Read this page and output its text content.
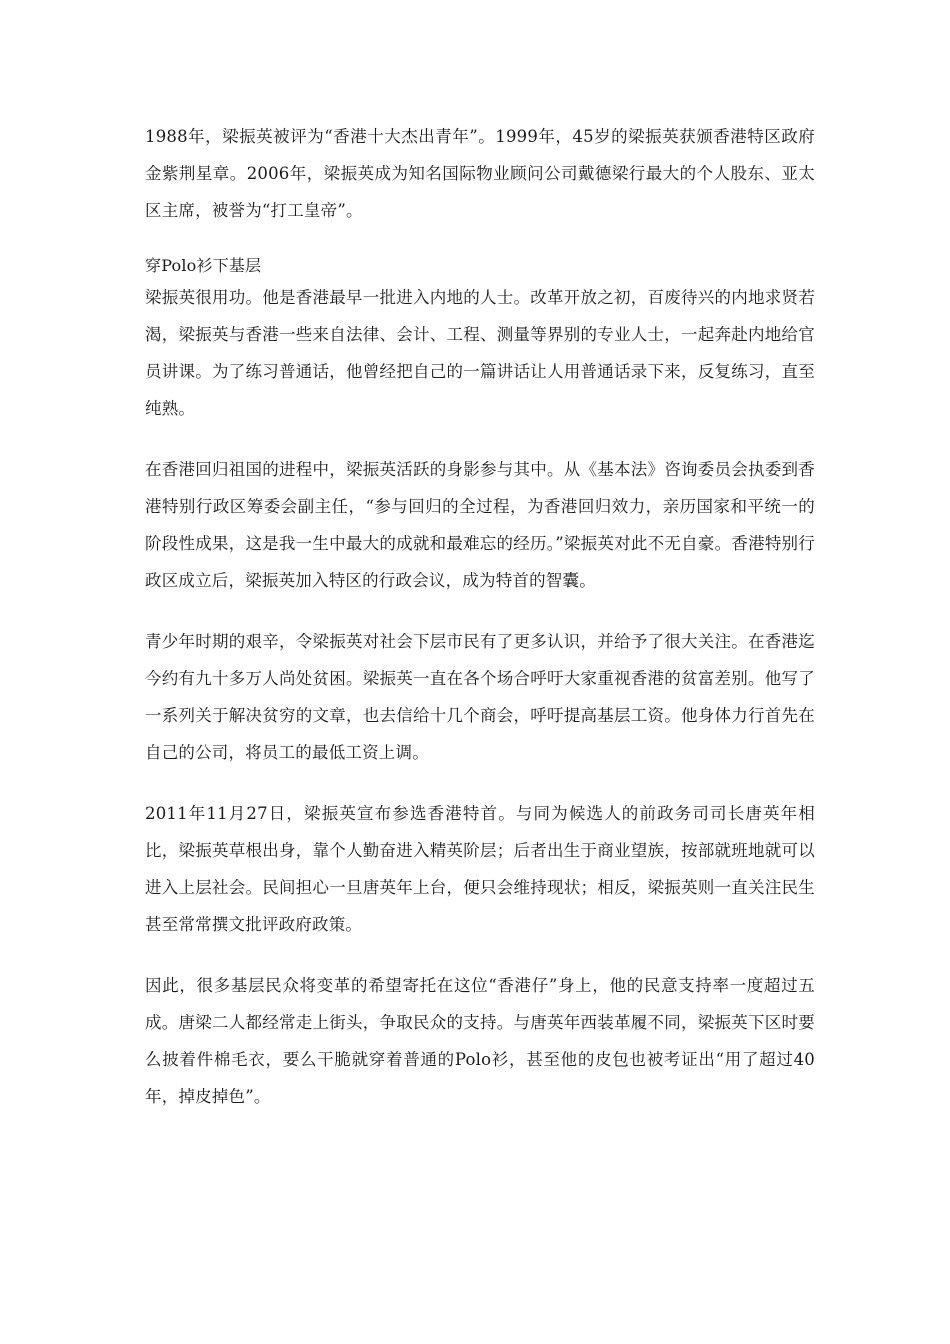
1988年，梁振英被评为“香港十大杰出青年”。1999年，45岁的梁振英获颁香港特区政府金紫荆星章。2006年，梁振英成为知名国际物业顾问公司戴德梁行最大的个人股东、亚太区主席，被誉为“打工皇帝”。

穿Polo衫下基层

梁振英很用功。他是香港最早一批进入内地的人士。改革开放之初，百废待兴的内地求贤若渴，梁振英与香港一些来自法律、会计、工程、测量等界别的专业人士，一起奔赴内地给官员讲课。为了练习普通话，他曾经把自己的一篇讲话让人用普通话录下来，反复练习，直至纯熟。

在香港回归祖国的进程中，梁振英活跃的身影参与其中。从《基本法》咨询委员会执委到香港特别行政区筹委会副主任，“参与回归的全过程，为香港回归效力，亲历国家和平统一的阶段性成果，这是我一生中最大的成就和最难忘的经历。”梁振英对此不无自豪。香港特别行政区成立后，梁振英加入特区的行政会议，成为特首的智囊。

青少年时期的艰辛，令梁振英对社会下层市民有了更多认识，并给予了很大关注。在香港迄今约有九十多万人尚处贫困。梁振英一直在各个场合呼吁大家重视香港的贫富差别。他写了一系列关于解决贫穷的文章，也去信给十几个商会，呼吁提高基层工资。他身体力行首先在自己的公司，将员工的最低工资上调。

2011年11月27日，梁振英宣布参选香港特首。与同为候选人的前政务司司长唐英年相比，梁振英草根出身，靠个人勤奋进入精英阶层；后者出生于商业望族，按部就班地就可以进入上层社会。民间担心一旦唐英年上台，便只会维持现状；相反，梁振英则一直关注民生甚至常常撰文批评政府政策。

因此，很多基层民众将变革的希望寄托在这位“香港仔”身上，他的民意支持率一度超过五成。唐梁二人都经常走上街头，争取民众的支持。与唐英年西装革履不同，梁振英下区时要么披着件棉毛衣，要么干脆就穿着普通的Polo衫，甚至他的皮包也被考证出“用了超过40年，掉皮掉色”。
